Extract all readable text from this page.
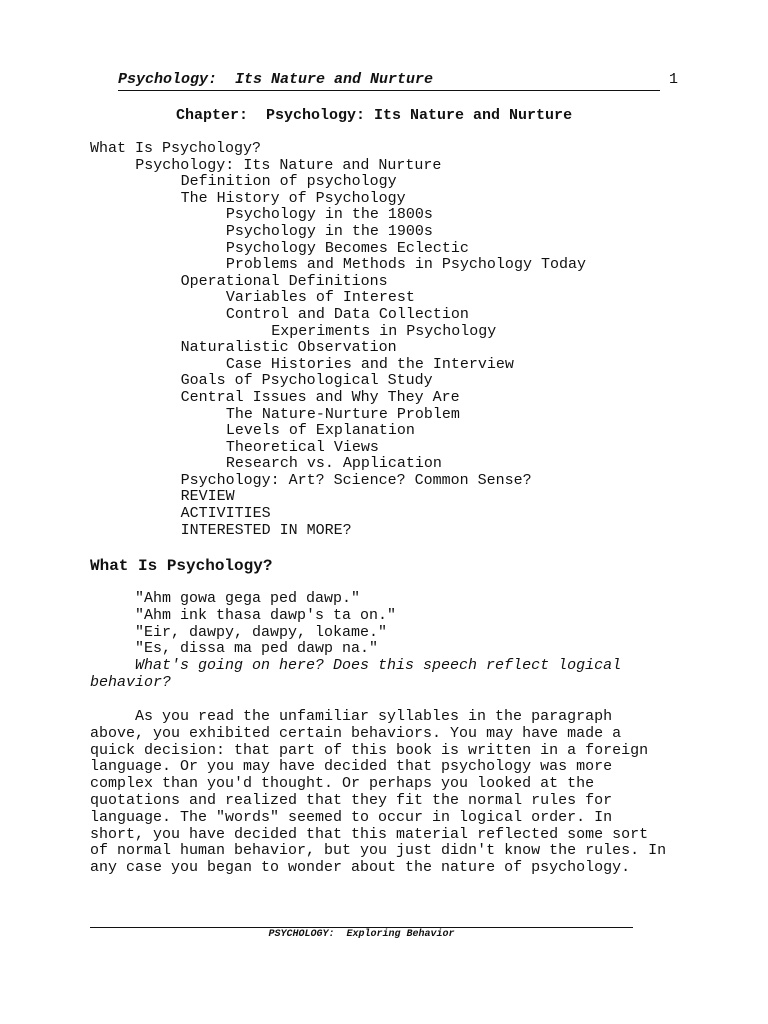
Psychology:  Its Nature and Nurture	1
Chapter:  Psychology: Its Nature and Nurture
What Is Psychology?
Psychology: Its Nature and Nurture
Definition of psychology
The History of Psychology
Psychology in the 1800s
Psychology in the 1900s
Psychology Becomes Eclectic
Problems and Methods in Psychology Today
Operational Definitions
Variables of Interest
Control and Data Collection
Experiments in Psychology
Naturalistic Observation
Case Histories and the Interview
Goals of Psychological Study
Central Issues and Why They Are
The Nature-Nurture Problem
Levels of Explanation
Theoretical Views
Research vs. Application
Psychology: Art? Science? Common Sense?
REVIEW
ACTIVITIES
INTERESTED IN MORE?
What Is Psychology?
"Ahm gowa gega ped dawp."
"Ahm ink thasa dawp's ta on."
"Eir, dawpy, dawpy, lokame."
"Es, dissa ma ped dawp na."
What's going on here? Does this speech reflect logical behavior?

As you read the unfamiliar syllables in the paragraph above, you exhibited certain behaviors. You may have made a quick decision: that part of this book is written in a foreign language. Or you may have decided that psychology was more complex than you'd thought. Or perhaps you looked at the quotations and realized that they fit the normal rules for language. The "words" seemed to occur in logical order. In short, you have decided that this material reflected some sort of normal human behavior, but you just didn't know the rules. In any case you began to wonder about the nature of psychology.

PSYCHOLOGY:  Exploring Behavior
